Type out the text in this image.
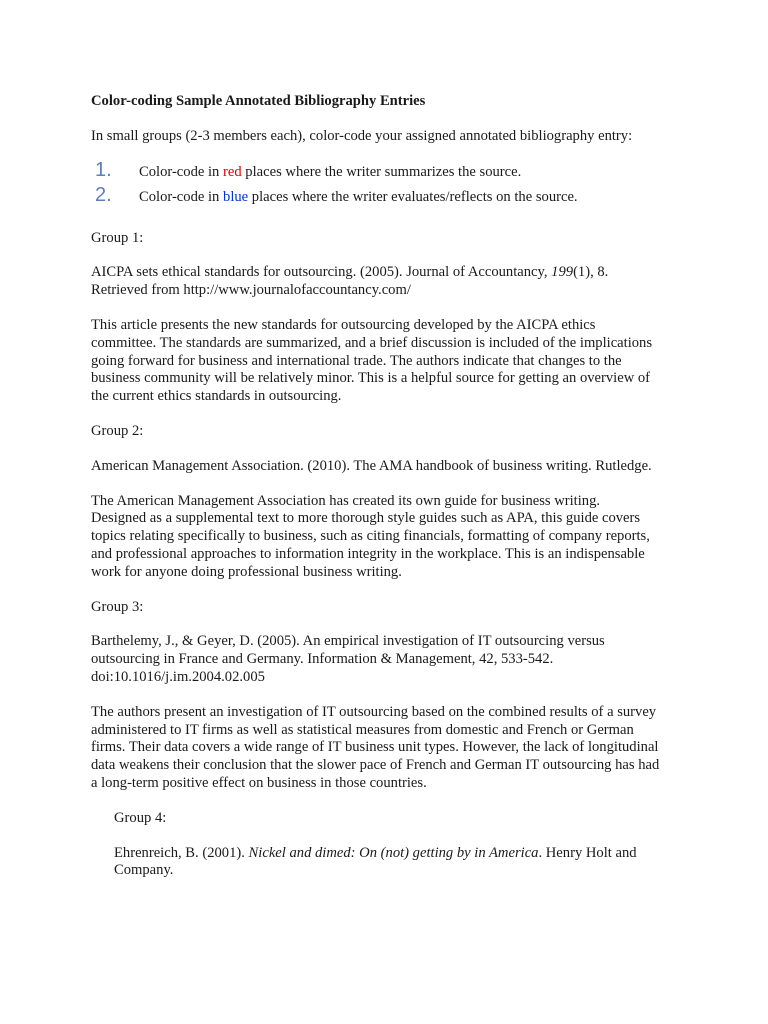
Color-coding Sample Annotated Bibliography Entries

In small groups (2-3 members each), color-code your assigned annotated bibliography entry:

1.	Color-code in red places where the writer summarizes the source.
2.	Color-code in blue places where the writer evaluates/reflects on the source.

Group 1:

AICPA sets ethical standards for outsourcing. (2005). Journal of Accountancy, 199(1), 8.
Retrieved from http://www.journalofaccountancy.com/
This article presents the new standards for outsourcing developed by the AICPA ethics
committee. The standards are summarized, and a brief discussion is included of the implications
going forward for business and international trade. The authors indicate that changes to the
business community will be relatively minor. This is a helpful source for getting an overview of
the current ethics standards in outsourcing.

Group 2:

American Management Association. (2010). The AMA handbook of business writing. Rutledge.

The American Management Association has created its own guide for business writing.
Designed as a supplemental text to more thorough style guides such as APA, this guide covers
topics relating specifically to business, such as citing financials, formatting of company reports,
and professional approaches to information integrity in the workplace. This is an indispensable
work for anyone doing professional business writing.

Group 3:

Barthelemy, J., & Geyer, D. (2005). An empirical investigation of IT outsourcing versus
outsourcing in France and Germany. Information & Management, 42, 533-542.
doi:10.1016/j.im.2004.02.005
The authors present an investigation of IT outsourcing based on the combined results of a survey
administered to IT firms as well as statistical measures from domestic and French or German
firms. Their data covers a wide range of IT business unit types. However, the lack of longitudinal
data weakens their conclusion that the slower pace of French and German IT outsourcing has had
a long-term positive effect on business in those countries.

Group 4:

Ehrenreich, B. (2001). Nickel and dimed: On (not) getting by in America. Henry Holt and
Company.
